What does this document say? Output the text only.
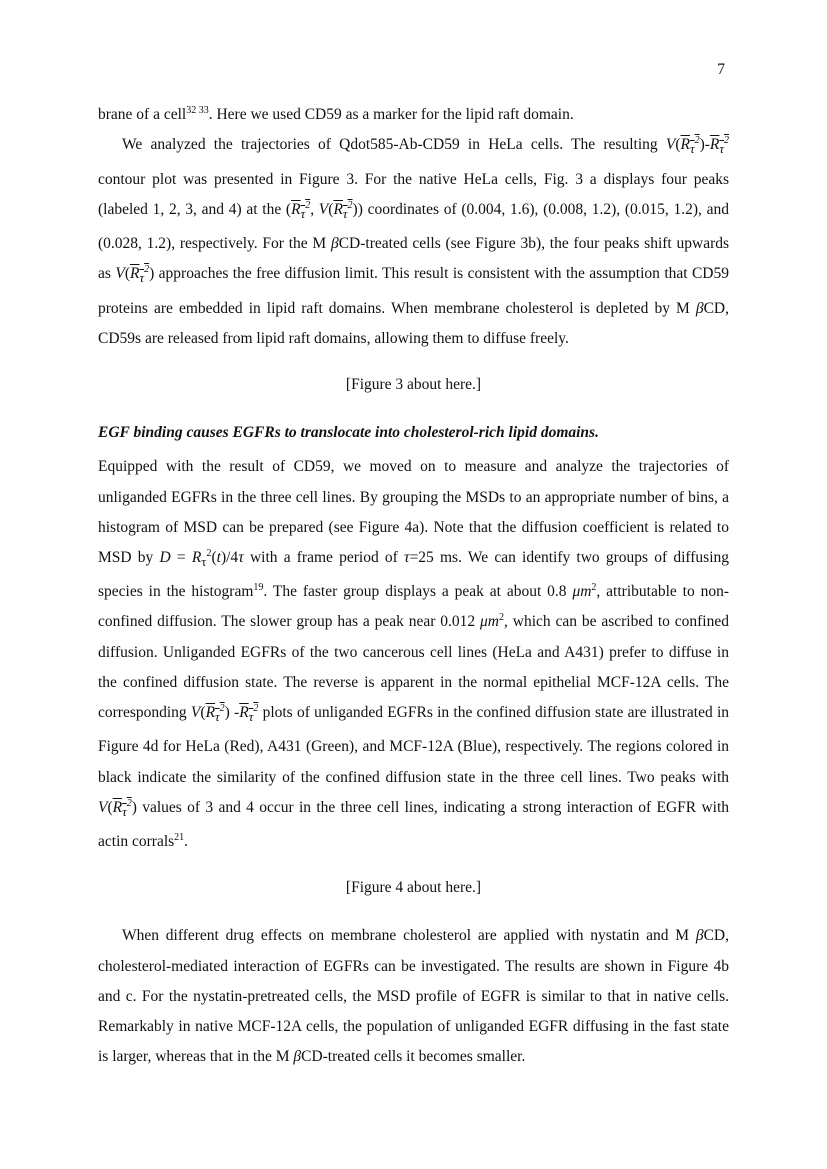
7

brane of a cell$^{32 33}$. Here we used CD59 as a marker for the lipid raft domain.

We analyzed the trajectories of Qdot585-Ab-CD59 in HeLa cells. The resulting $V(R_\tau^2)-R_\tau^2$ contour plot was presented in Figure 3. For the native HeLa cells, Fig. 3 a displays four peaks (labeled 1, 2, 3, and 4) at the ($R_\tau^2$, $V(R_\tau^2)$) coordinates of (0.004, 1.6), (0.008, 1.2), (0.015, 1.2), and (0.028, 1.2), respectively. For the M βCD-treated cells (see Figure 3b), the four peaks shift upwards as $V(R_\tau^2)$ approaches the free diffusion limit. This result is consistent with the assumption that CD59 proteins are embedded in lipid raft domains. When membrane cholesterol is depleted by M βCD, CD59s are released from lipid raft domains, allowing them to diffuse freely.

[Figure 3 about here.]

EGF binding causes EGFRs to translocate into cholesterol-rich lipid domains.

Equipped with the result of CD59, we moved on to measure and analyze the trajectories of unliganded EGFRs in the three cell lines. By grouping the MSDs to an appropriate number of bins, a histogram of MSD can be prepared (see Figure 4a). Note that the diffusion coefficient is related to MSD by $D = R_\tau^2(t)/4\tau$ with a frame period of τ=25 ms. We can identify two groups of diffusing species in the histogram$^{19}$. The faster group displays a peak at about 0.8 $\mu m^2$, attributable to non-confined diffusion. The slower group has a peak near 0.012 $\mu m^2$, which can be ascribed to confined diffusion. Unliganded EGFRs of the two cancerous cell lines (HeLa and A431) prefer to diffuse in the confined diffusion state. The reverse is apparent in the normal epithelial MCF-12A cells. The corresponding $V(R_\tau^2)$ $-R_\tau^2$ plots of unliganded EGFRs in the confined diffusion state are illustrated in Figure 4d for HeLa (Red), A431 (Green), and MCF-12A (Blue), respectively. The regions colored in black indicate the similarity of the confined diffusion state in the three cell lines. Two peaks with $V(R_\tau^2)$ values of 3 and 4 occur in the three cell lines, indicating a strong interaction of EGFR with actin corrals$^{21}$.

[Figure 4 about here.]

When different drug effects on membrane cholesterol are applied with nystatin and M βCD, cholesterol-mediated interaction of EGFRs can be investigated. The results are shown in Figure 4b and c. For the nystatin-pretreated cells, the MSD profile of EGFR is similar to that in native cells. Remarkably in native MCF-12A cells, the population of unliganded EGFR diffusing in the fast state is larger, whereas that in the M βCD-treated cells it becomes smaller.
